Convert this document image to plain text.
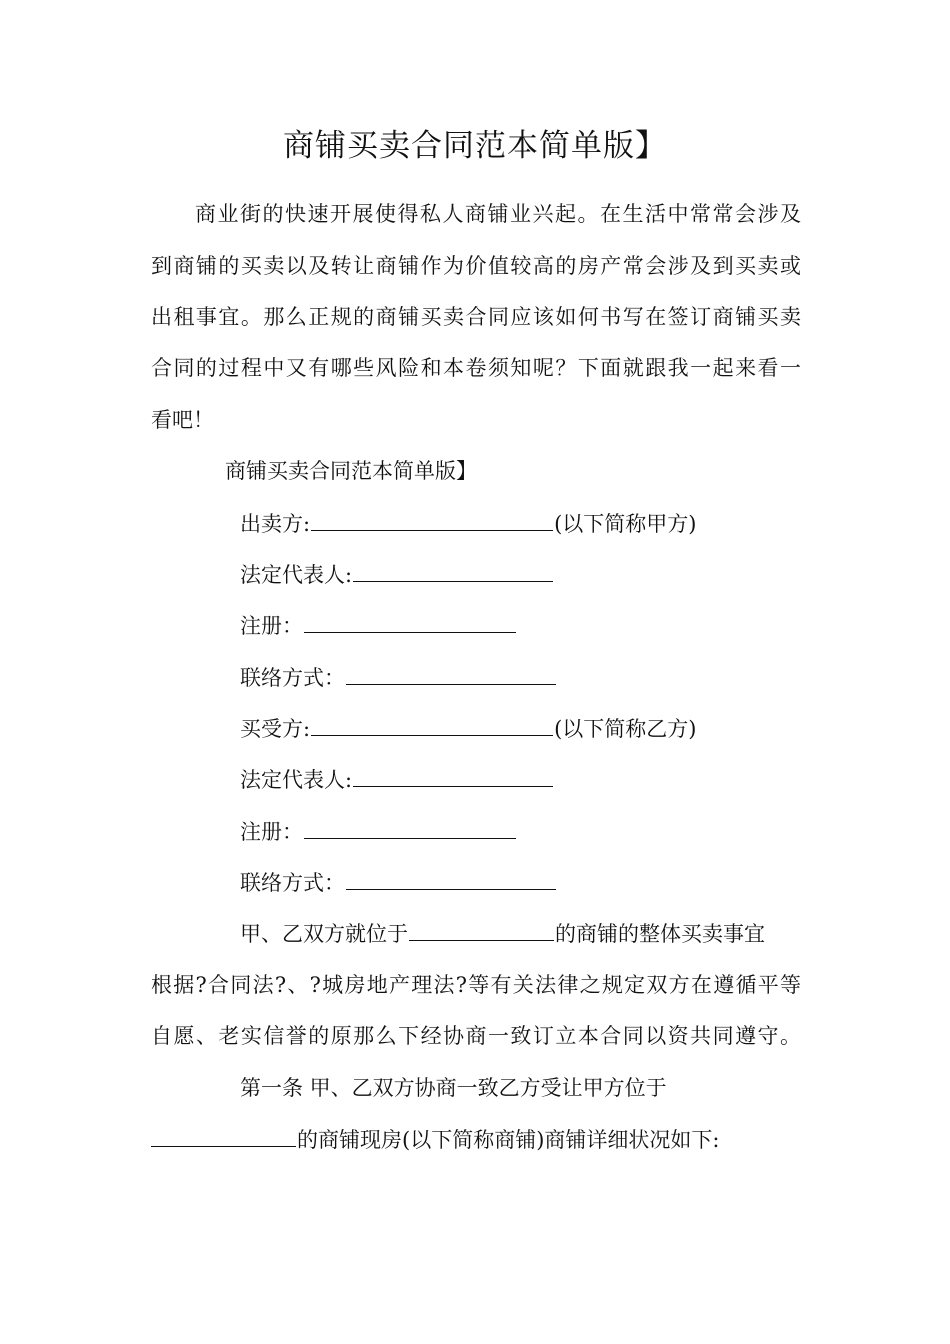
商铺买卖合同范本简单版】
商业街的快速开展使得私人商铺业兴起。在生活中常常会涉及
到商铺的买卖以及转让商铺作为价值较高的房产常会涉及到买卖或
出租事宜。那么正规的商铺买卖合同应该如何书写在签订商铺买卖
合同的过程中又有哪些风险和本卷须知呢？下面就跟我一起来看一
看吧！
商铺买卖合同范本简单版】
出卖方:	(以下简称甲方)
法定代表人:
注册：
联络方式：
买受方:	(以下简称乙方)
法定代表人:
注册：
联络方式：
甲、乙双方就位于	的商铺的整体买卖事宜
根据?合同法?、?城房地产理法?等有关法律之规定双方在遵循平等
自愿、老实信誉的原那么下经协商一致订立本合同以资共同遵守。
第一条 甲、乙双方协商一致乙方受让甲方位于
的商铺现房(以下简称商铺)商铺详细状况如下:
